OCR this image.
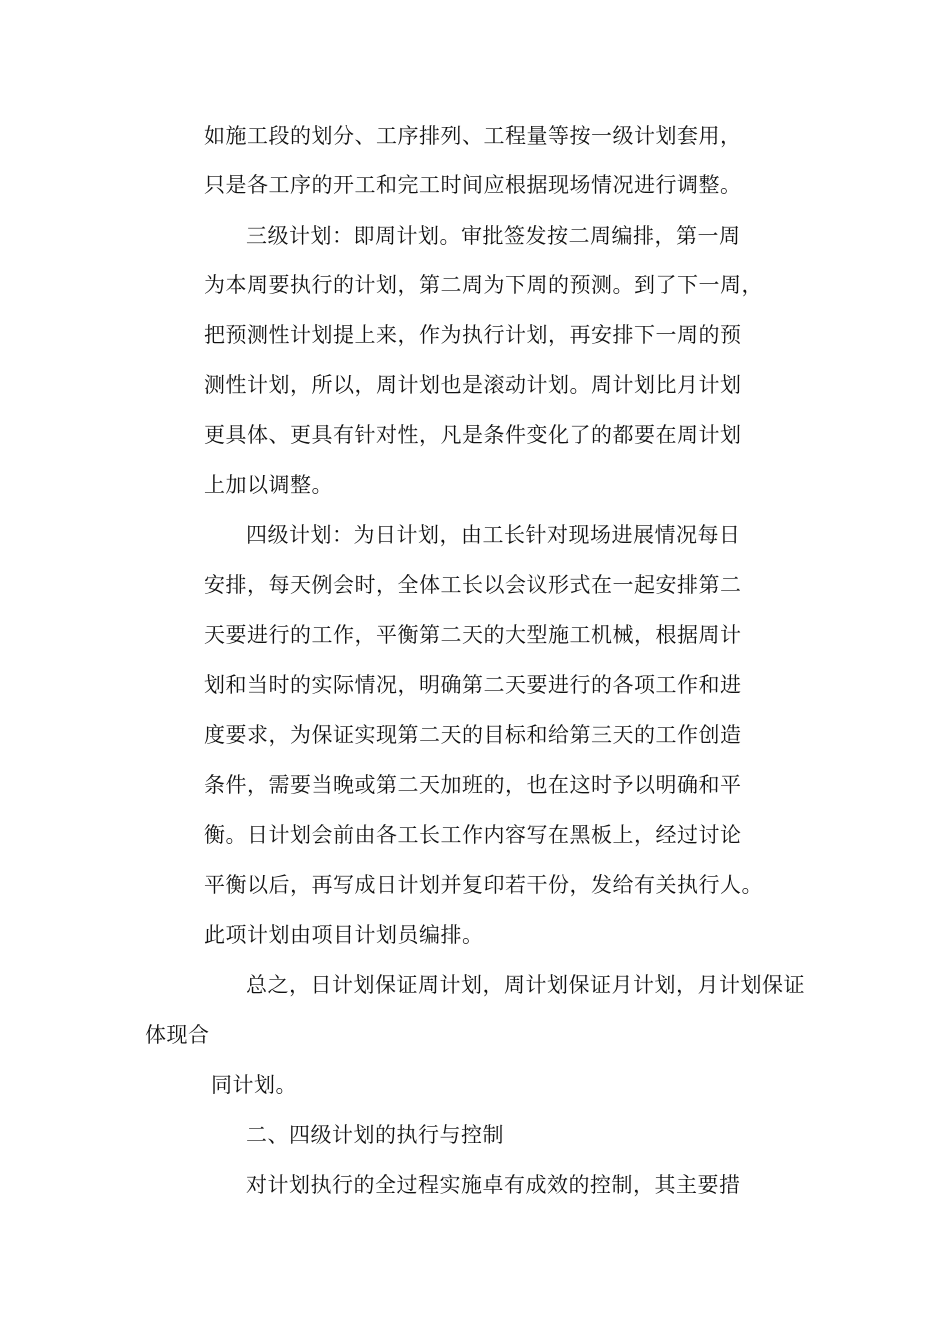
如施工段的划分、工序排列、工程量等按一级计划套用，
只是各工序的开工和完工时间应根据现场情况进行调整。
三级计划：即周计划。审批签发按二周编排，第一周
为本周要执行的计划，第二周为下周的预测。到了下一周，
把预测性计划提上来，作为执行计划，再安排下一周的预
测性计划，所以，周计划也是滚动计划。周计划比月计划
更具体、更具有针对性，凡是条件变化了的都要在周计划
上加以调整。
四级计划：为日计划，由工长针对现场进展情况每日
安排，每天例会时，全体工长以会议形式在一起安排第二
天要进行的工作，平衡第二天的大型施工机械，根据周计
划和当时的实际情况，明确第二天要进行的各项工作和进
度要求，为保证实现第二天的目标和给第三天的工作创造
条件，需要当晚或第二天加班的，也在这时予以明确和平
衡。日计划会前由各工长工作内容写在黑板上，经过讨论
平衡以后，再写成日计划并复印若干份，发给有关执行人。
此项计划由项目计划员编排。
总之，日计划保证周计划，周计划保证月计划，月计划保证
体现合
同计划。
二、四级计划的执行与控制
对计划执行的全过程实施卓有成效的控制，其主要措
